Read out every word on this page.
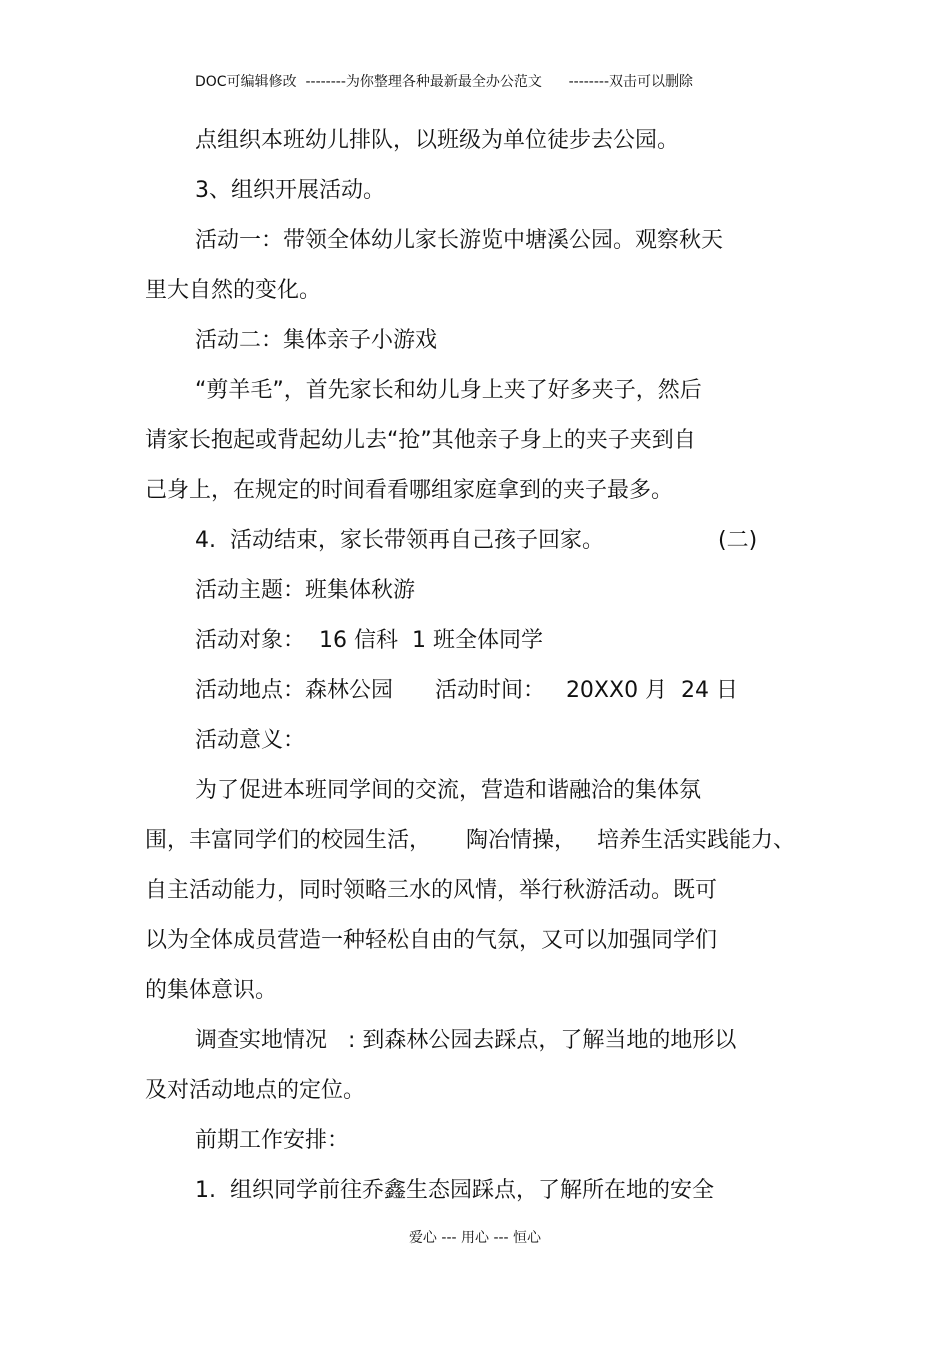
DOC可编辑修改  --------为你整理各种最新最全办公范文      --------双击可以删除
点组织本班幼儿排队，以班级为单位徒步去公园。
3、组织开展活动。
活动一：带领全体幼儿家长游览中塘溪公园。观察秋天
里大自然的变化。
活动二：集体亲子小游戏
“剪羊毛”，首先家长和幼儿身上夹了好多夹子，然后
请家长抱起或背起幼儿去“抢”其他亲子身上的夹子夹到自
己身上，在规定的时间看看哪组家庭拿到的夹子最多。
4.  活动结束，家长带领再自己孩子回家。	(二)
活动主题：班集体秋游
活动对象：  16 信科  1 班全体同学
活动地点：森林公园      活动时间：   20XX0 月  24 日
活动意义：
为了促进本班同学间的交流，营造和谐融洽的集体氛
围，丰富同学们的校园生活，     陶冶情操，   培养生活实践能力、
自主活动能力，同时领略三水的风情，举行秋游活动。既可
以为全体成员营造一种轻松自由的气氛，又可以加强同学们
的集体意识。
调查实地情况   : 到森林公园去踩点，了解当地的地形以
及对活动地点的定位。
前期工作安排：
1.  组织同学前往乔鑫生态园踩点，了解所在地的安全
爱心 --- 用心 --- 恒心
